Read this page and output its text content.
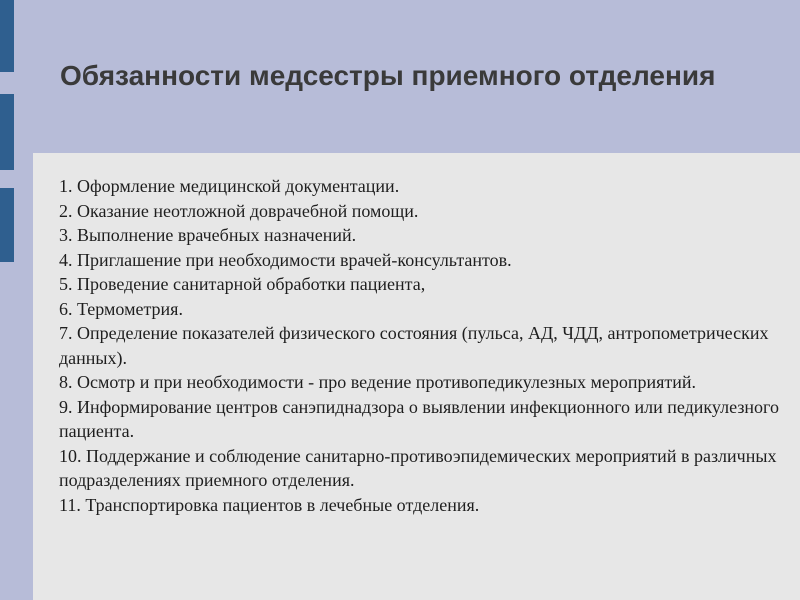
Обязанности медсестры приемного отделения
1. Оформление медицинской документации.
2. Оказание неотложной доврачебной помощи.
3. Выполнение врачебных назначений.
4. Приглашение при необходимости врачей-консультантов.
5. Проведение санитарной обработки пациента,
6. Термометрия.
7. Определение показателей физического состояния (пульса, АД, ЧДД, антропометрических данных).
8. Осмотр и при необходимости - про ведение противопедикулезных мероприятий.
9. Информирование центров санэпиднадзора о выявлении инфекционного или педикулезного пациента.
10. Поддержание и соблюдение санитарно-противоэпидемических мероприятий в различных подразделениях приемного отделения.
11. Транспортировка пациентов в лечебные отделения.
